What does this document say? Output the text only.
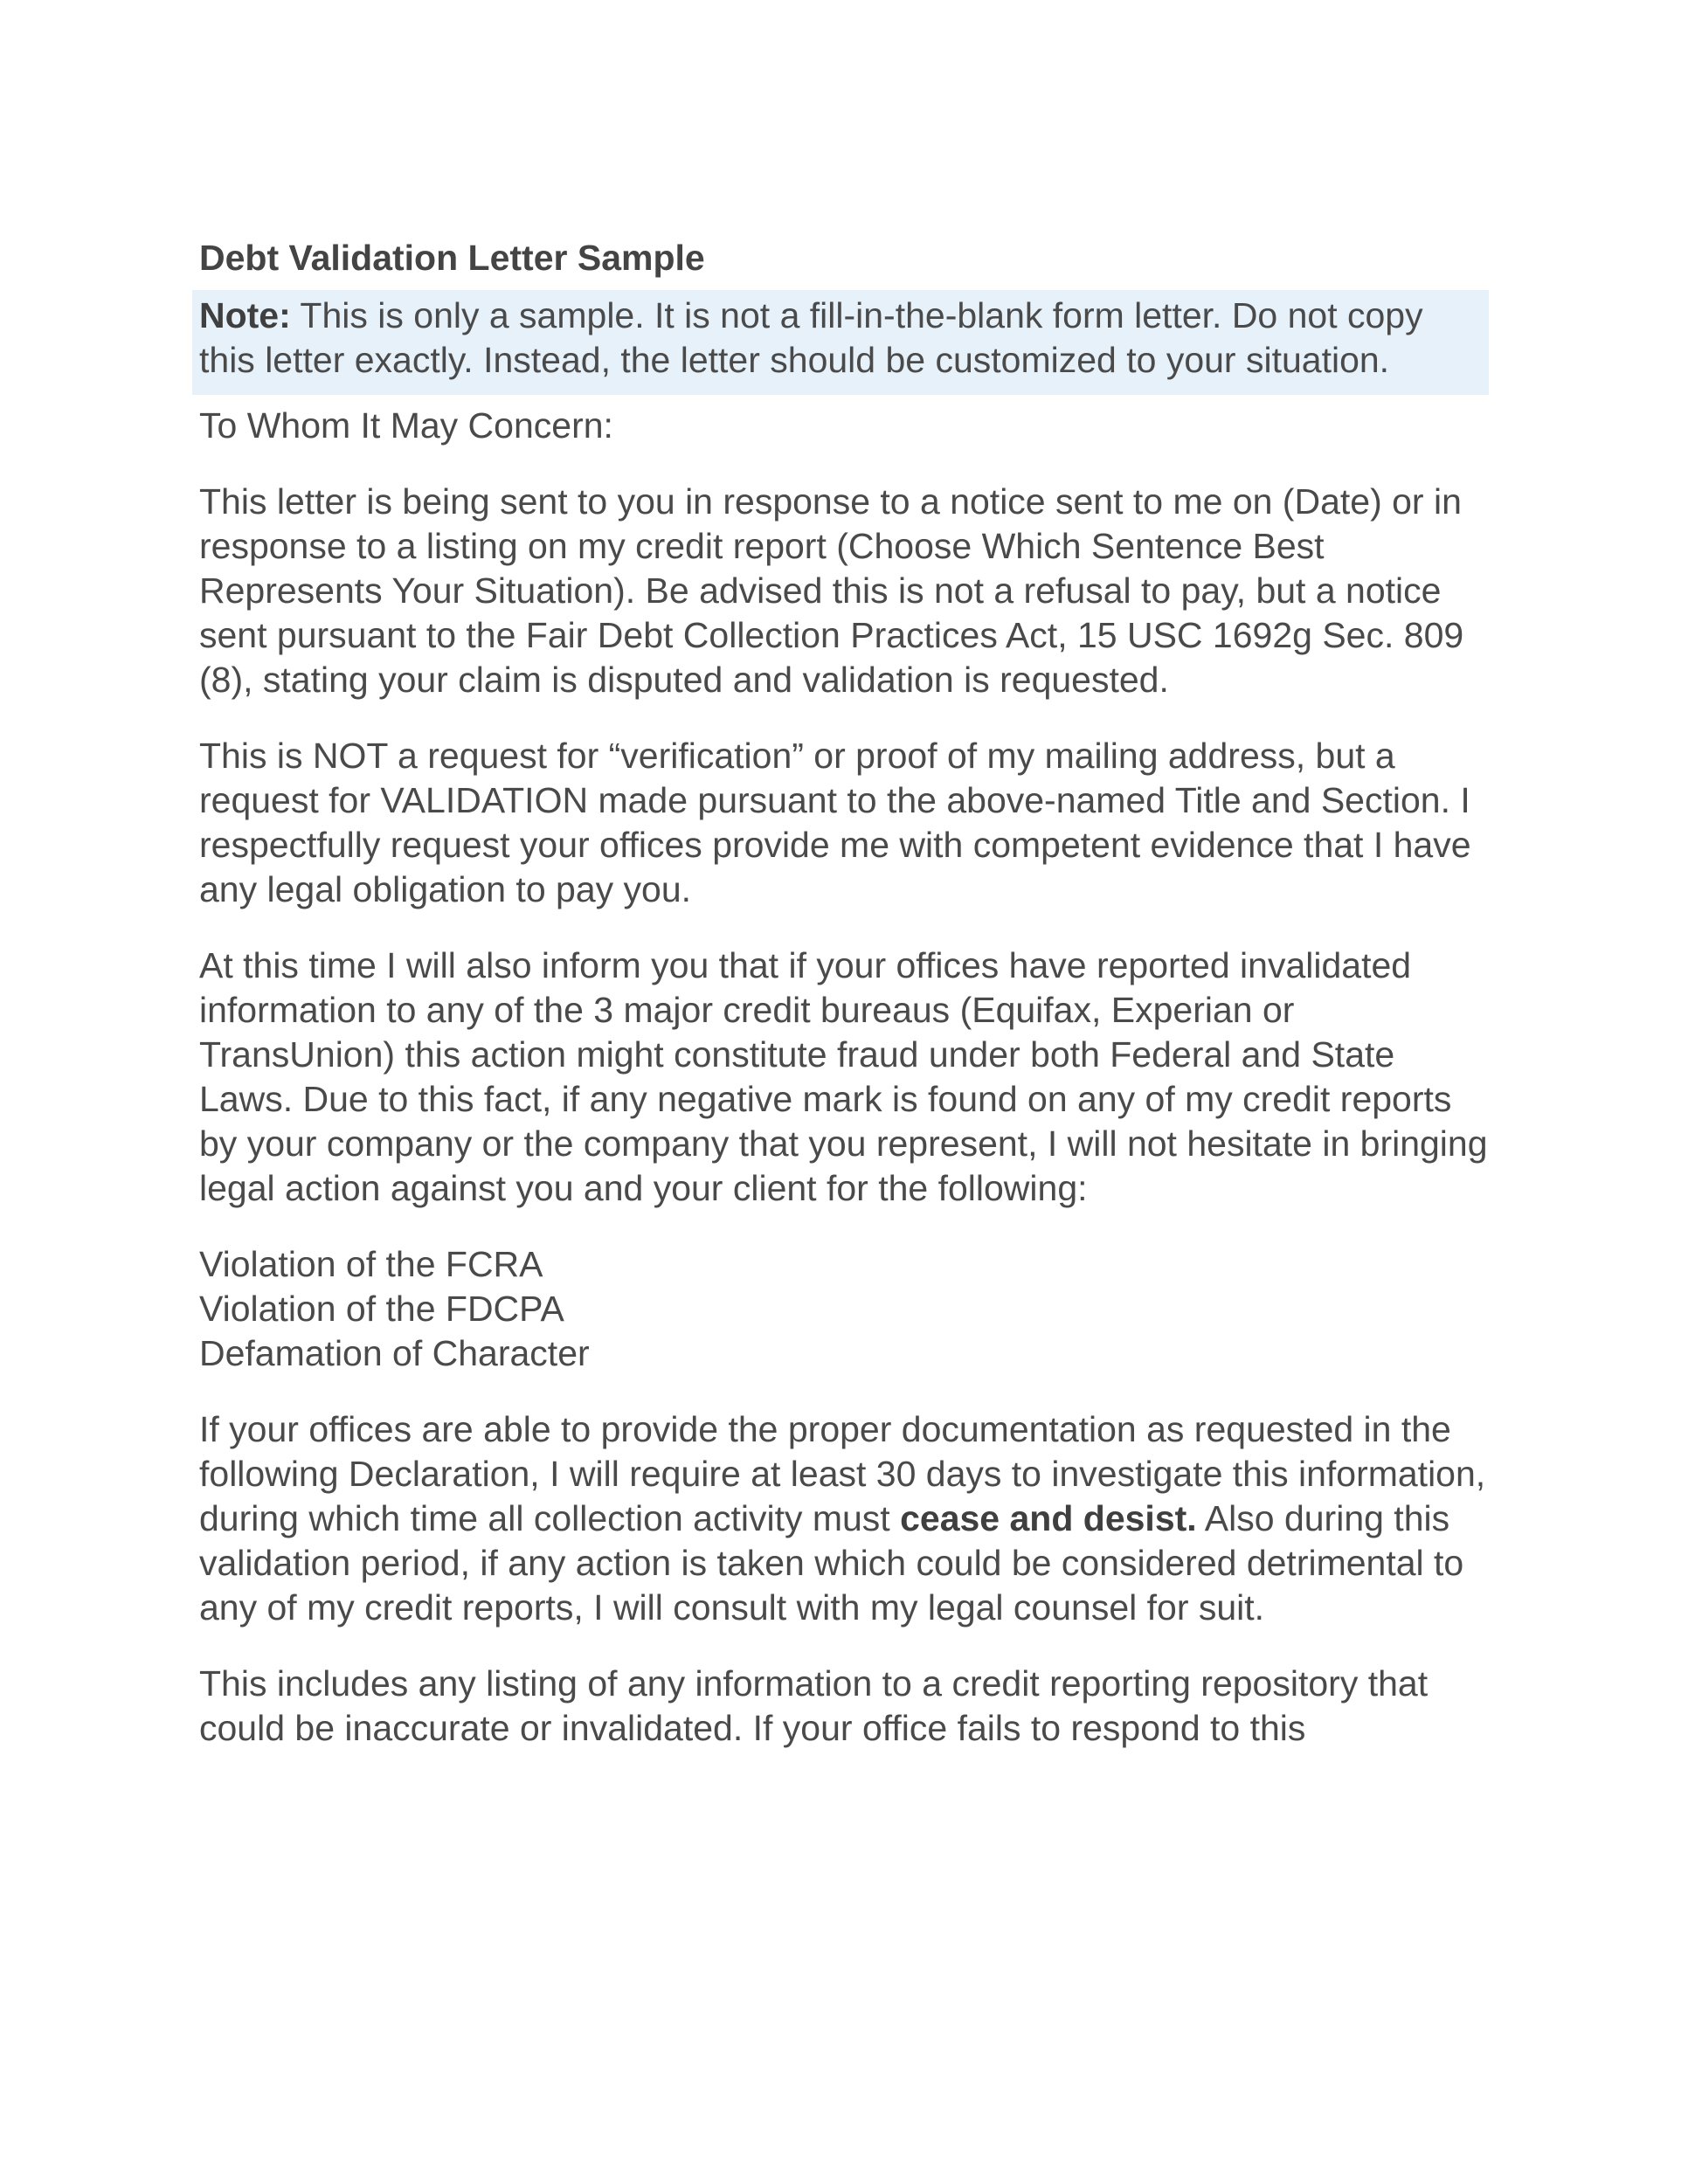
Debt Validation Letter Sample
Note: This is only a sample. It is not a fill-in-the-blank form letter. Do not copy this letter exactly. Instead, the letter should be customized to your situation.

To Whom It May Concern:

This letter is being sent to you in response to a notice sent to me on (Date) or in response to a listing on my credit report (Choose Which Sentence Best Represents Your Situation). Be advised this is not a refusal to pay, but a notice sent pursuant to the Fair Debt Collection Practices Act, 15 USC 1692g Sec. 809 (8), stating your claim is disputed and validation is requested.

This is NOT a request for “verification” or proof of my mailing address, but a request for VALIDATION made pursuant to the above-named Title and Section. I respectfully request your offices provide me with competent evidence that I have any legal obligation to pay you.

At this time I will also inform you that if your offices have reported invalidated information to any of the 3 major credit bureaus (Equifax, Experian or TransUnion) this action might constitute fraud under both Federal and State Laws. Due to this fact, if any negative mark is found on any of my credit reports by your company or the company that you represent, I will not hesitate in bringing legal action against you and your client for the following:

Violation of the FCRA
Violation of the FDCPA
Defamation of Character

If your offices are able to provide the proper documentation as requested in the following Declaration, I will require at least 30 days to investigate this information, during which time all collection activity must cease and desist. Also during this validation period, if any action is taken which could be considered detrimental to any of my credit reports, I will consult with my legal counsel for suit.

This includes any listing of any information to a credit reporting repository that could be inaccurate or invalidated. If your office fails to respond to this
